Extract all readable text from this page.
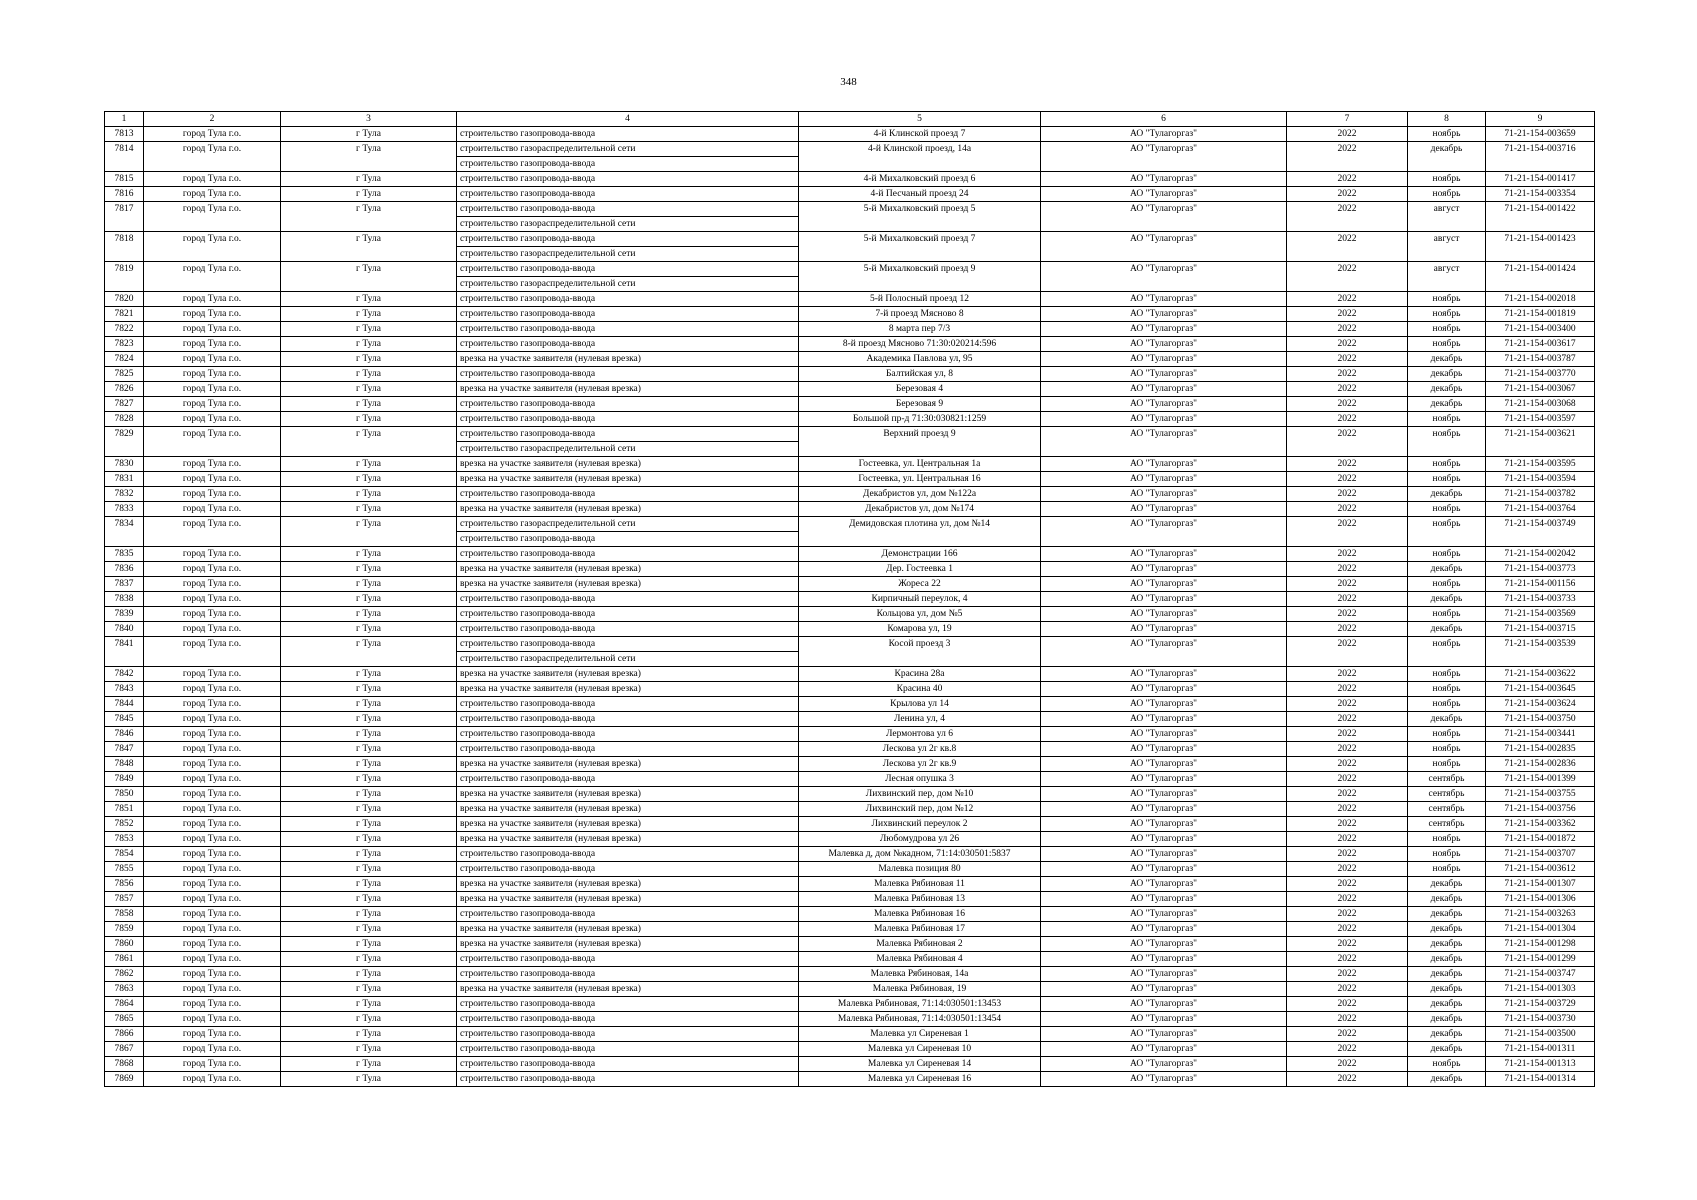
348
1	2	3	4	5	6	7	8	9
7813	город Тула г.о.	г Тула	строительство газопровода-ввода	4-й Клинской проезд 7	АО "Тулагоргаз"	2022	ноябрь	71-21-154-003659
7814	город Тула г.о.	г Тула	строительство газораспределительной сети	4-й Клинской проезд, 14а	АО "Тулагоргаз"	2022	декабрь	71-21-154-003716
			строительство газопровода-ввода					
7815	город Тула г.о.	г Тула	строительство газопровода-ввода	4-й Михалковский проезд 6	АО "Тулагоргаз"	2022	ноябрь	71-21-154-001417
7816	город Тула г.о.	г Тула	строительство газопровода-ввода	4-й Песчаный проезд 24	АО "Тулагоргаз"	2022	ноябрь	71-21-154-003354
7817	город Тула г.о.	г Тула	строительство газопровода-ввода	5-й Михалковский проезд 5	АО "Тулагоргаз"	2022	август	71-21-154-001422
			строительство газораспределительной сети					
7818	город Тула г.о.	г Тула	строительство газопровода-ввода	5-й Михалковский проезд 7	АО "Тулагоргаз"	2022	август	71-21-154-001423
			строительство газораспределительной сети					
7819	город Тула г.о.	г Тула	строительство газопровода-ввода	5-й Михалковский проезд 9	АО "Тулагоргаз"	2022	август	71-21-154-001424
			строительство газораспределительной сети					
7820	город Тула г.о.	г Тула	строительство газопровода-ввода	5-й Полосный проезд 12	АО "Тулагоргаз"	2022	ноябрь	71-21-154-002018
7821	город Тула г.о.	г Тула	строительство газопровода-ввода	7-й проезд Мясново 8	АО "Тулагоргаз"	2022	ноябрь	71-21-154-001819
7822	город Тула г.о.	г Тула	строительство газопровода-ввода	8 марта пер 7/3	АО "Тулагоргаз"	2022	ноябрь	71-21-154-003400
7823	город Тула г.о.	г Тула	строительство газопровода-ввода	8-й проезд Мясново 71:30:020214:596	АО "Тулагоргаз"	2022	ноябрь	71-21-154-003617
7824	город Тула г.о.	г Тула	врезка на участке заявителя (нулевая врезка)	Академика Павлова ул, 95	АО "Тулагоргаз"	2022	декабрь	71-21-154-003787
7825	город Тула г.о.	г Тула	строительство газопровода-ввода	Балтийская ул, 8	АО "Тулагоргаз"	2022	декабрь	71-21-154-003770
7826	город Тула г.о.	г Тула	врезка на участке заявителя (нулевая врезка)	Березовая 4	АО "Тулагоргаз"	2022	декабрь	71-21-154-003067
7827	город Тула г.о.	г Тула	строительство газопровода-ввода	Березовая 9	АО "Тулагоргаз"	2022	декабрь	71-21-154-003068
7828	город Тула г.о.	г Тула	строительство газопровода-ввода	Большой пр-д 71:30:030821:1259	АО "Тулагоргаз"	2022	ноябрь	71-21-154-003597
7829	город Тула г.о.	г Тула	строительство газопровода-ввода	Верхний проезд 9	АО "Тулагоргаз"	2022	ноябрь	71-21-154-003621
			строительство газораспределительной сети					
7830	город Тула г.о.	г Тула	врезка на участке заявителя (нулевая врезка)	Гостеевка, ул. Центральная 1а	АО "Тулагоргаз"	2022	ноябрь	71-21-154-003595
7831	город Тула г.о.	г Тула	врезка на участке заявителя (нулевая врезка)	Гостеевка, ул. Центральная 16	АО "Тулагоргаз"	2022	ноябрь	71-21-154-003594
7832	город Тула г.о.	г Тула	строительство газопровода-ввода	Декабристов ул, дом №122а	АО "Тулагоргаз"	2022	декабрь	71-21-154-003782
7833	город Тула г.о.	г Тула	врезка на участке заявителя (нулевая врезка)	Декабристов ул, дом №174	АО "Тулагоргаз"	2022	ноябрь	71-21-154-003764
7834	город Тула г.о.	г Тула	строительство газораспределительной сети	Демидовская плотина ул, дом №14	АО "Тулагоргаз"	2022	ноябрь	71-21-154-003749
			строительство газопровода-ввода					
7835	город Тула г.о.	г Тула	строительство газопровода-ввода	Демонстрации 166	АО "Тулагоргаз"	2022	ноябрь	71-21-154-002042
7836	город Тула г.о.	г Тула	врезка на участке заявителя (нулевая врезка)	Дер. Гостеевка 1	АО "Тулагоргаз"	2022	декабрь	71-21-154-003773
7837	город Тула г.о.	г Тула	врезка на участке заявителя (нулевая врезка)	Жореса 22	АО "Тулагоргаз"	2022	ноябрь	71-21-154-001156
7838	город Тула г.о.	г Тула	строительство газопровода-ввода	Кирпичный переулок, 4	АО "Тулагоргаз"	2022	декабрь	71-21-154-003733
7839	город Тула г.о.	г Тула	строительство газопровода-ввода	Кольцова ул, дом №5	АО "Тулагоргаз"	2022	ноябрь	71-21-154-003569
7840	город Тула г.о.	г Тула	строительство газопровода-ввода	Комарова ул, 19	АО "Тулагоргаз"	2022	декабрь	71-21-154-003715
7841	город Тула г.о.	г Тула	строительство газопровода-ввода	Косой проезд 3	АО "Тулагоргаз"	2022	ноябрь	71-21-154-003539
			строительство газораспределительной сети					
7842	город Тула г.о.	г Тула	врезка на участке заявителя (нулевая врезка)	Красина 28а	АО "Тулагоргаз"	2022	ноябрь	71-21-154-003622
7843	город Тула г.о.	г Тула	врезка на участке заявителя (нулевая врезка)	Красина 40	АО "Тулагоргаз"	2022	ноябрь	71-21-154-003645
7844	город Тула г.о.	г Тула	строительство газопровода-ввода	Крылова ул 14	АО "Тулагоргаз"	2022	ноябрь	71-21-154-003624
7845	город Тула г.о.	г Тула	строительство газопровода-ввода	Ленина ул, 4	АО "Тулагоргаз"	2022	декабрь	71-21-154-003750
7846	город Тула г.о.	г Тула	строительство газопровода-ввода	Лермонтова ул 6	АО "Тулагоргаз"	2022	ноябрь	71-21-154-003441
7847	город Тула г.о.	г Тула	строительство газопровода-ввода	Лескова ул 2г кв.8	АО "Тулагоргаз"	2022	ноябрь	71-21-154-002835
7848	город Тула г.о.	г Тула	врезка на участке заявителя (нулевая врезка)	Лескова ул 2г кв.9	АО "Тулагоргаз"	2022	ноябрь	71-21-154-002836
7849	город Тула г.о.	г Тула	строительство газопровода-ввода	Лесная опушка 3	АО "Тулагоргаз"	2022	сентябрь	71-21-154-001399
7850	город Тула г.о.	г Тула	врезка на участке заявителя (нулевая врезка)	Лихвинский пер, дом №10	АО "Тулагоргаз"	2022	сентябрь	71-21-154-003755
7851	город Тула г.о.	г Тула	врезка на участке заявителя (нулевая врезка)	Лихвинский пер, дом №12	АО "Тулагоргаз"	2022	сентябрь	71-21-154-003756
7852	город Тула г.о.	г Тула	врезка на участке заявителя (нулевая врезка)	Лихвинский переулок 2	АО "Тулагоргаз"	2022	сентябрь	71-21-154-003362
7853	город Тула г.о.	г Тула	врезка на участке заявителя (нулевая врезка)	Любомудрова ул 26	АО "Тулагоргаз"	2022	ноябрь	71-21-154-001872
7854	город Тула г.о.	г Тула	строительство газопровода-ввода	Малевка д, дом №кадном, 71:14:030501:5837	АО "Тулагоргаз"	2022	ноябрь	71-21-154-003707
7855	город Тула г.о.	г Тула	строительство газопровода-ввода	Малевка позиция 80	АО "Тулагоргаз"	2022	ноябрь	71-21-154-003612
7856	город Тула г.о.	г Тула	врезка на участке заявителя (нулевая врезка)	Малевка Рябиновая 11	АО "Тулагоргаз"	2022	декабрь	71-21-154-001307
7857	город Тула г.о.	г Тула	врезка на участке заявителя (нулевая врезка)	Малевка Рябиновая 13	АО "Тулагоргаз"	2022	декабрь	71-21-154-001306
7858	город Тула г.о.	г Тула	строительство газопровода-ввода	Малевка Рябиновая 16	АО "Тулагоргаз"	2022	декабрь	71-21-154-003263
7859	город Тула г.о.	г Тула	врезка на участке заявителя (нулевая врезка)	Малевка Рябиновая 17	АО "Тулагоргаз"	2022	декабрь	71-21-154-001304
7860	город Тула г.о.	г Тула	врезка на участке заявителя (нулевая врезка)	Малевка Рябиновая 2	АО "Тулагоргаз"	2022	декабрь	71-21-154-001298
7861	город Тула г.о.	г Тула	строительство газопровода-ввода	Малевка Рябиновая 4	АО "Тулагоргаз"	2022	декабрь	71-21-154-001299
7862	город Тула г.о.	г Тула	строительство газопровода-ввода	Малевка Рябиновая, 14а	АО "Тулагоргаз"	2022	декабрь	71-21-154-003747
7863	город Тула г.о.	г Тула	врезка на участке заявителя (нулевая врезка)	Малевка Рябиновая, 19	АО "Тулагоргаз"	2022	декабрь	71-21-154-001303
7864	город Тула г.о.	г Тула	строительство газопровода-ввода	Малевка Рябиновая, 71:14:030501:13453	АО "Тулагоргаз"	2022	декабрь	71-21-154-003729
7865	город Тула г.о.	г Тула	строительство газопровода-ввода	Малевка Рябиновая, 71:14:030501:13454	АО "Тулагоргаз"	2022	декабрь	71-21-154-003730
7866	город Тула г.о.	г Тула	строительство газопровода-ввода	Малевка ул Сиреневая 1	АО "Тулагоргаз"	2022	декабрь	71-21-154-003500
7867	город Тула г.о.	г Тула	строительство газопровода-ввода	Малевка ул Сиреневая 10	АО "Тулагоргаз"	2022	декабрь	71-21-154-001311
7868	город Тула г.о.	г Тула	строительство газопровода-ввода	Малевка ул Сиреневая 14	АО "Тулагоргаз"	2022	ноябрь	71-21-154-001313
7869	город Тула г.о.	г Тула	строительство газопровода-ввода	Малевка ул Сиреневая 16	АО "Тулагоргаз"	2022	декабрь	71-21-154-001314
